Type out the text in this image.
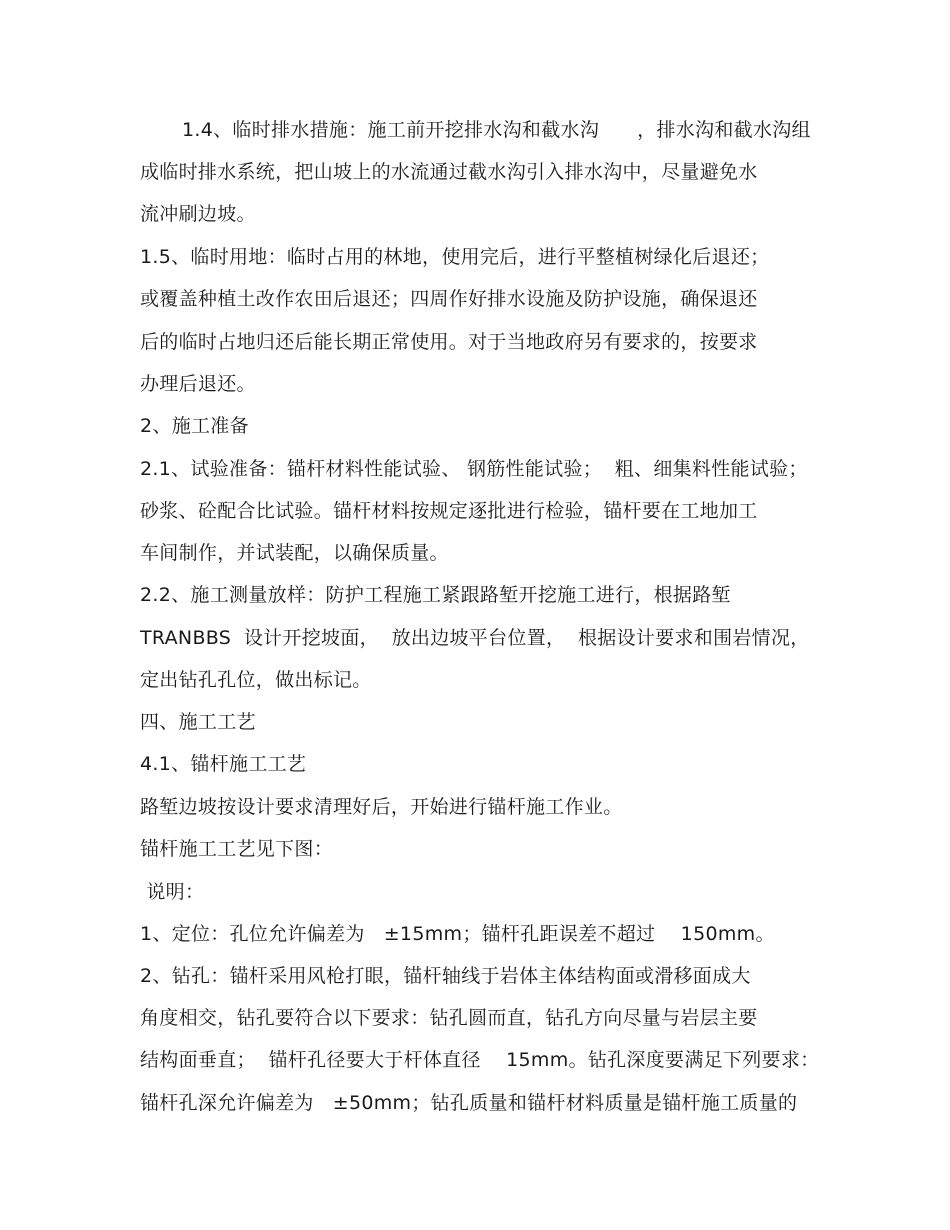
1.4、临时排水措施：施工前开挖排水沟和截水沟      ，排水沟和截水沟组
成临时排水系统，把山坡上的水流通过截水沟引入排水沟中，尽量避免水
流冲刷边坡。
1.5、临时用地：临时占用的林地，使用完后，进行平整植树绿化后退还；
或覆盖种植土改作农田后退还；四周作好排水设施及防护设施，确保退还
后的临时占地归还后能长期正常使用。对于当地政府另有要求的，按要求
办理后退还。
2、施工准备
2.1、试验准备：锚杆材料性能试验、 钢筋性能试验；  粗、细集料性能试验；
砂浆、砼配合比试验。锚杆材料按规定逐批进行检验，锚杆要在工地加工
车间制作，并试装配，以确保质量。
2.2、施工测量放样：防护工程施工紧跟路堑开挖施工进行，根据路堑
TRANBBS  设计开挖坡面，  放出边坡平台位置，  根据设计要求和围岩情况，
定出钻孔孔位，做出标记。
四、施工工艺
4.1、锚杆施工工艺
路堑边坡按设计要求清理好后，开始进行锚杆施工作业。
锚杆施工工艺见下图：
说明：
1、定位：孔位允许偏差为   ±15mm；锚杆孔距误差不超过    150mm。
2、钻孔：锚杆采用风枪打眼，锚杆轴线于岩体主体结构面或滑移面成大
角度相交，钻孔要符合以下要求：钻孔圆而直，钻孔方向尽量与岩层主要
结构面垂直；  锚杆孔径要大于杆体直径    15mm。钻孔深度要满足下列要求：
锚杆孔深允许偏差为   ±50mm；钻孔质量和锚杆材料质量是锚杆施工质量的
